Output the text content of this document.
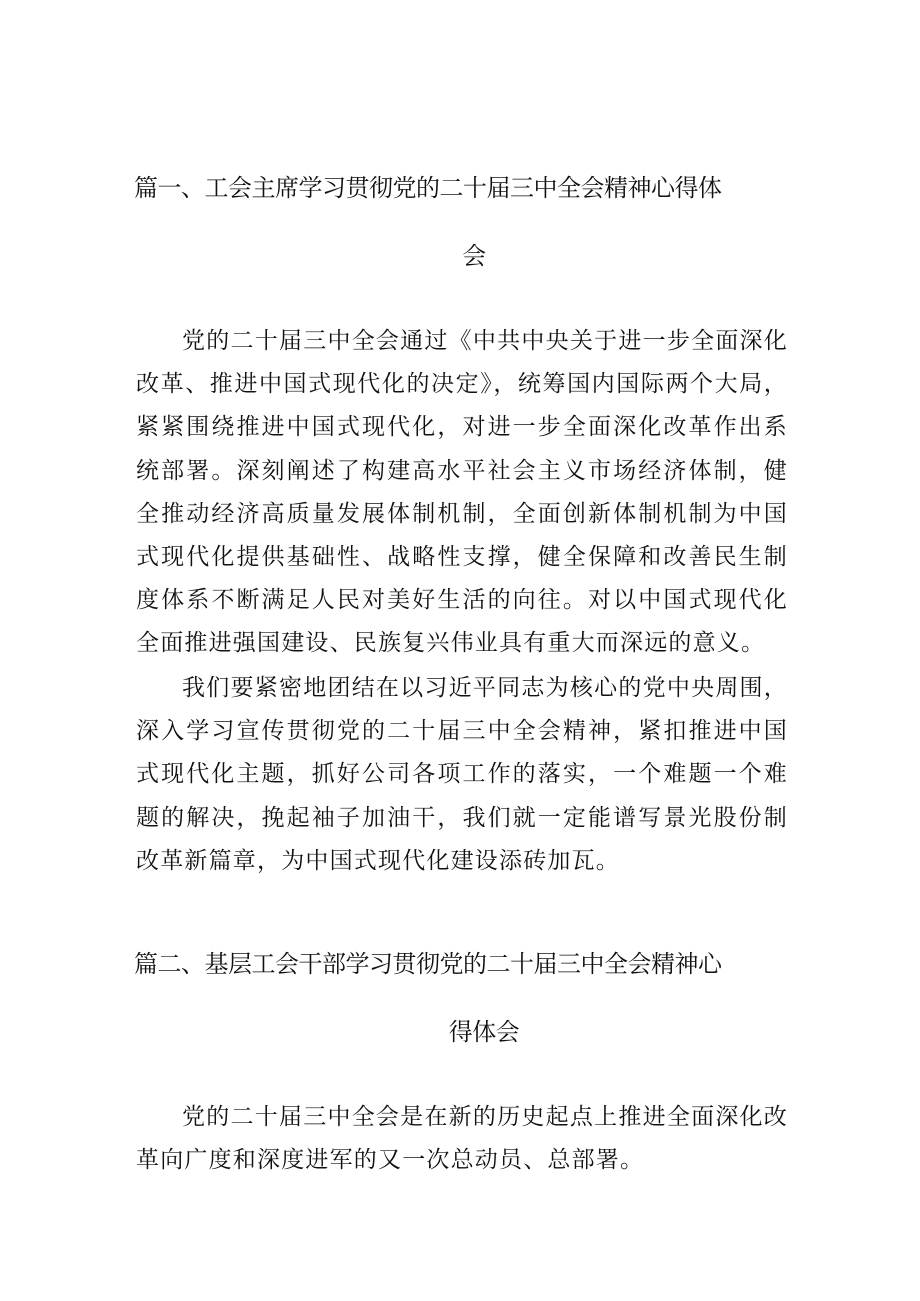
篇一、工会主席学习贯彻党的二十届三中全会精神心得体
会

党的二十届三中全会通过《中共中央关于进一步全面深化改革、推进中国式现代化的决定》，统筹国内国际两个大局，紧紧围绕推进中国式现代化，对进一步全面深化改革作出系统部署。深刻阐述了构建高水平社会主义市场经济体制，健全推动经济高质量发展体制机制，全面创新体制机制为中国式现代化提供基础性、战略性支撑，健全保障和改善民生制度体系不断满足人民对美好生活的向往。对以中国式现代化全面推进强国建设、民族复兴伟业具有重大而深远的意义。

我们要紧密地团结在以习近平同志为核心的党中央周围，深入学习宣传贯彻党的二十届三中全会精神，紧扣推进中国式现代化主题，抓好公司各项工作的落实，一个难题一个难题的解决，挽起袖子加油干，我们就一定能谱写景光股份制改革新篇章，为中国式现代化建设添砖加瓦。

篇二、基层工会干部学习贯彻党的二十届三中全会精神心
得体会

党的二十届三中全会是在新的历史起点上推进全面深化改革向广度和深度进军的又一次总动员、总部署。
